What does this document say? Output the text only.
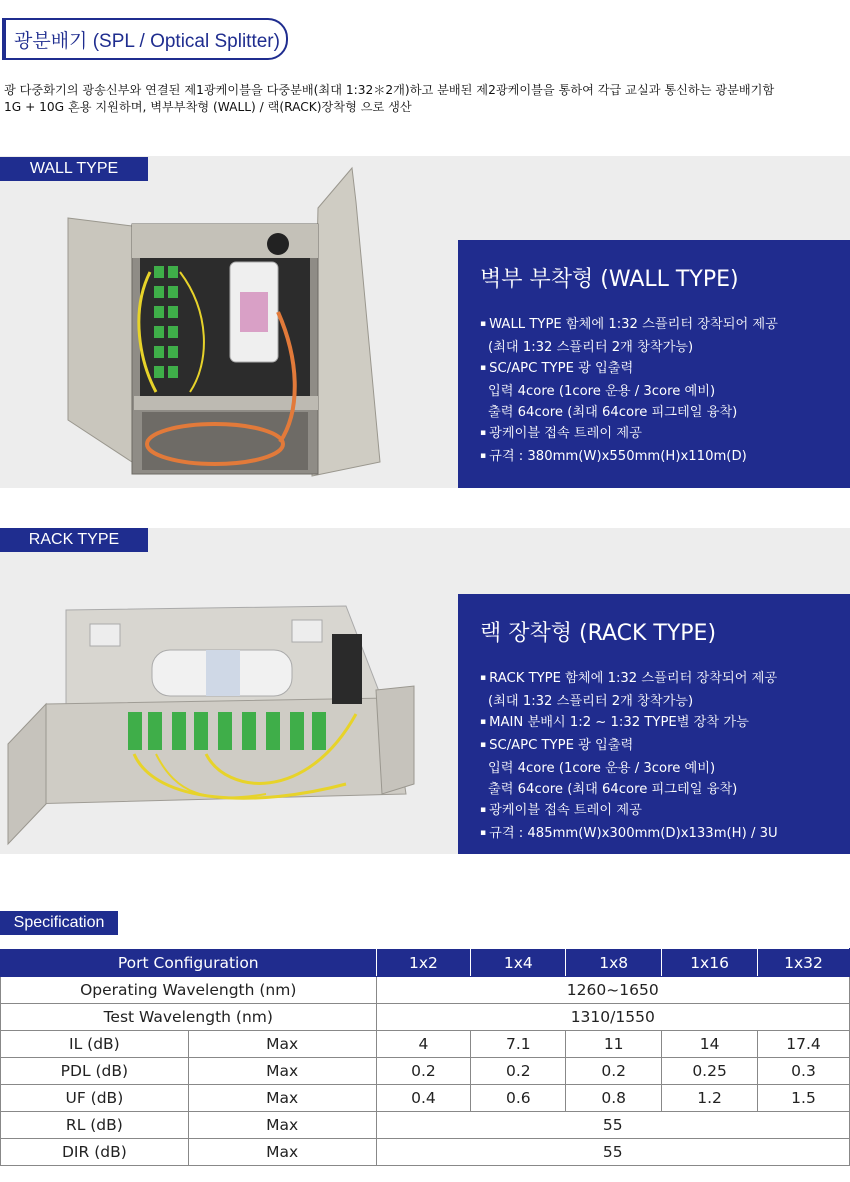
광분배기 (SPL / Optical Splitter)
광 다중화기의 광송신부와 연결된 제1광케이블을 다중분배(최대 1:32＊2개)하고 분배된 제2광케이블을 통하여 각급 교실과 통신하는 광분배기함
1G + 10G 혼용 지원하며, 벽부부착형 (WALL) / 랙(RACK)장착형 으로 생산
WALL TYPE
벽부 부착형 (WALL TYPE)
▪ WALL TYPE 함체에 1:32 스플리터 장착되어 제공
(최대 1:32 스플리터 2개 창착가능)
▪ SC/APC TYPE 광 입출력
입력 4core (1core 운용 / 3core 예비)
출력 64core (최대 64core 피그테일 융착)
▪ 광케이블 접속 트레이 제공
▪ 규격 : 380mm(W)x550mm(H)x110m(D)
RACK TYPE
랙 장착형 (RACK TYPE)
▪ RACK TYPE 함체에 1:32 스플리터 장착되어 제공
(최대 1:32 스플리터 2개 창착가능)
▪ MAIN 분배시 1:2 ~ 1:32 TYPE별 장착 가능
▪ SC/APC TYPE 광 입출력
입력 4core (1core 운용 / 3core 예비)
출력 64core (최대 64core 피그테일 융착)
▪ 광케이블 접속 트레이 제공
▪ 규격 : 485mm(W)x300mm(D)x133m(H) / 3U
Specification
Port Configuration		1x2	1x4	1x8	1x16	1x32
Operating Wavelength (nm)		1260~1650				
Test Wavelength (nm)		1310/1550				
IL (dB)	Max	4	7.1	11	14	17.4
PDL (dB)	Max	0.2	0.2	0.2	0.25	0.3
UF (dB)	Max	0.4	0.6	0.8	1.2	1.5
RL (dB)	Max	55				
DIR (dB)	Max	55				
